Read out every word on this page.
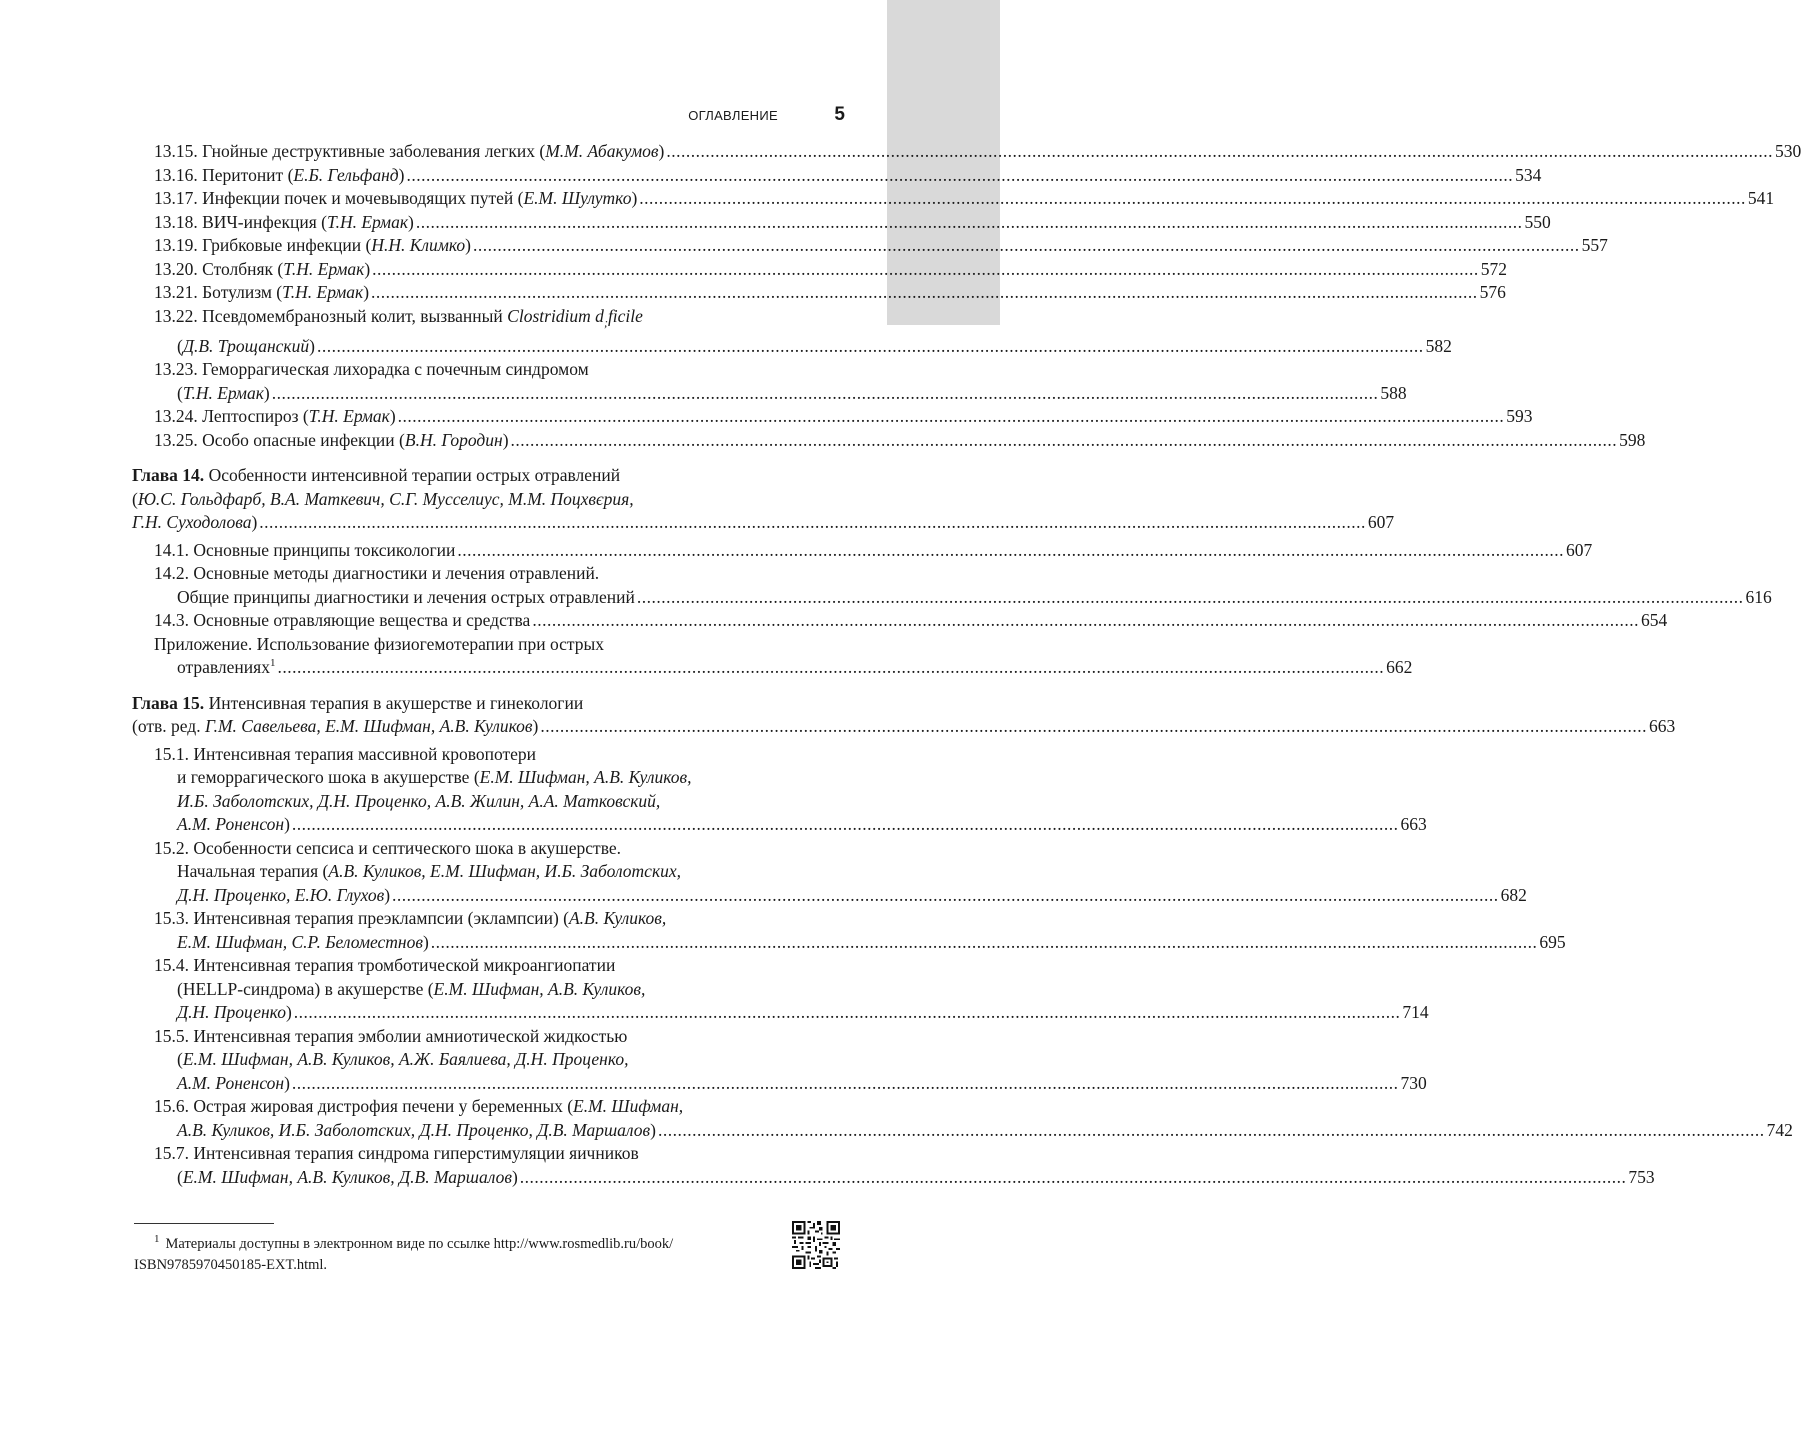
ОГЛАВЛЕНИЕ	5
13.15. Гнойные деструктивные заболевания легких (М.М. Абакумов) .....	530
13.16. Перитонит (Е.Б. Гельфанд) .....	534
13.17. Инфекции почек и мочевыводящих путей (Е.М. Шулутко) .....	541
13.18. ВИЧ-инфекция (Т.Н. Ермак) .....	550
13.19. Грибковые инфекции (Н.Н. Климко) .....	557
13.20. Столбняк (Т.Н. Ермак) .....	572
13.21. Ботулизм (Т.Н. Ермак) .....	576
13.22. Псевдомембранозный колит, вызванный Clostridium $d_;ficile$
(Д.В. Трощанский) .....	582
13.23. Геморрагическая лихорадка с почечным синдромом
(Т.Н. Ермак) .....	588
13.24. Лептоспироз (Т.Н. Ермак) .....	593
13.25. Особо опасные инфекции (В.Н. Городин) .....	598
Глава 14. Особенности интенсивной терапии острых отравлений
(Ю.С. Гольдфарб, В.А. Маткевич, С.Г. Мусселиус, М.М. Поцхвєрия,
Г.Н. Суходолова) .....	607
14.1. Основные принципы токсикологии .....	607
14.2. Основные методы диагностики и лечения отравлений.
Общие принципы диагностики и лечения острых отравлений .....	616
14.3. Основные отравляющие вещества и средства .....	654
Приложение. Использование физиогемотерапии при острых
отравлениях$^1$ .....	662
Глава 15. Интенсивная терапия в акушерстве и гинекологии
(отв. ред. Г.М. Савельева, Е.М. Шифман, А.В. Куликов) .....	663
15.1. Интенсивная терапия массивной кровопотери
и геморрагического шока в акушерстве (Е.М. Шифман, А.В. Куликов,
И.Б. Заболотских, Д.Н. Проценко, А.В. Жилин, А.А. Матковский,
А.М. Роненсон) .....	663
15.2. Особенности сепсиса и септического шока в акушерстве.
Начальная терапия (А.В. Куликов, Е.М. Шифман, И.Б. Заболотских,
Д.Н. Проценко, Е.Ю. Глухов) .....	682
15.3. Интенсивная терапия преэклампсии (эклампсии) (А.В. Куликов,
Е.М. Шифман, С.Р. Беломестнов) .....	695
15.4. Интенсивная терапия тромботической микроангиопатии
(HELLP-синдрома) в акушерстве (Е.М. Шифман, А.В. Куликов,
Д.Н. Проценко) .....	714
15.5. Интенсивная терапия эмболии амниотической жидкостью
(Е.М. Шифман, А.В. Куликов, А.Ж. Баялиева, Д.Н. Проценко,
А.М. Роненсон) .....	730
15.6. Острая жировая дистрофия печени у беременных (Е.М. Шифман,
А.В. Куликов, И.Б. Заболотских, Д.Н. Проценко, Д.В. Маршалов) .....	742
15.7. Интенсивная терапия синдрома гиперстимуляции яичников
(Е.М. Шифман, А.В. Куликов, Д.В. Маршалов) .....	753
$^1$ Материалы доступны в электронном виде по ссылке http://www.rosmedlib.ru/book/ ISBN9785970450185-EXT.html.
